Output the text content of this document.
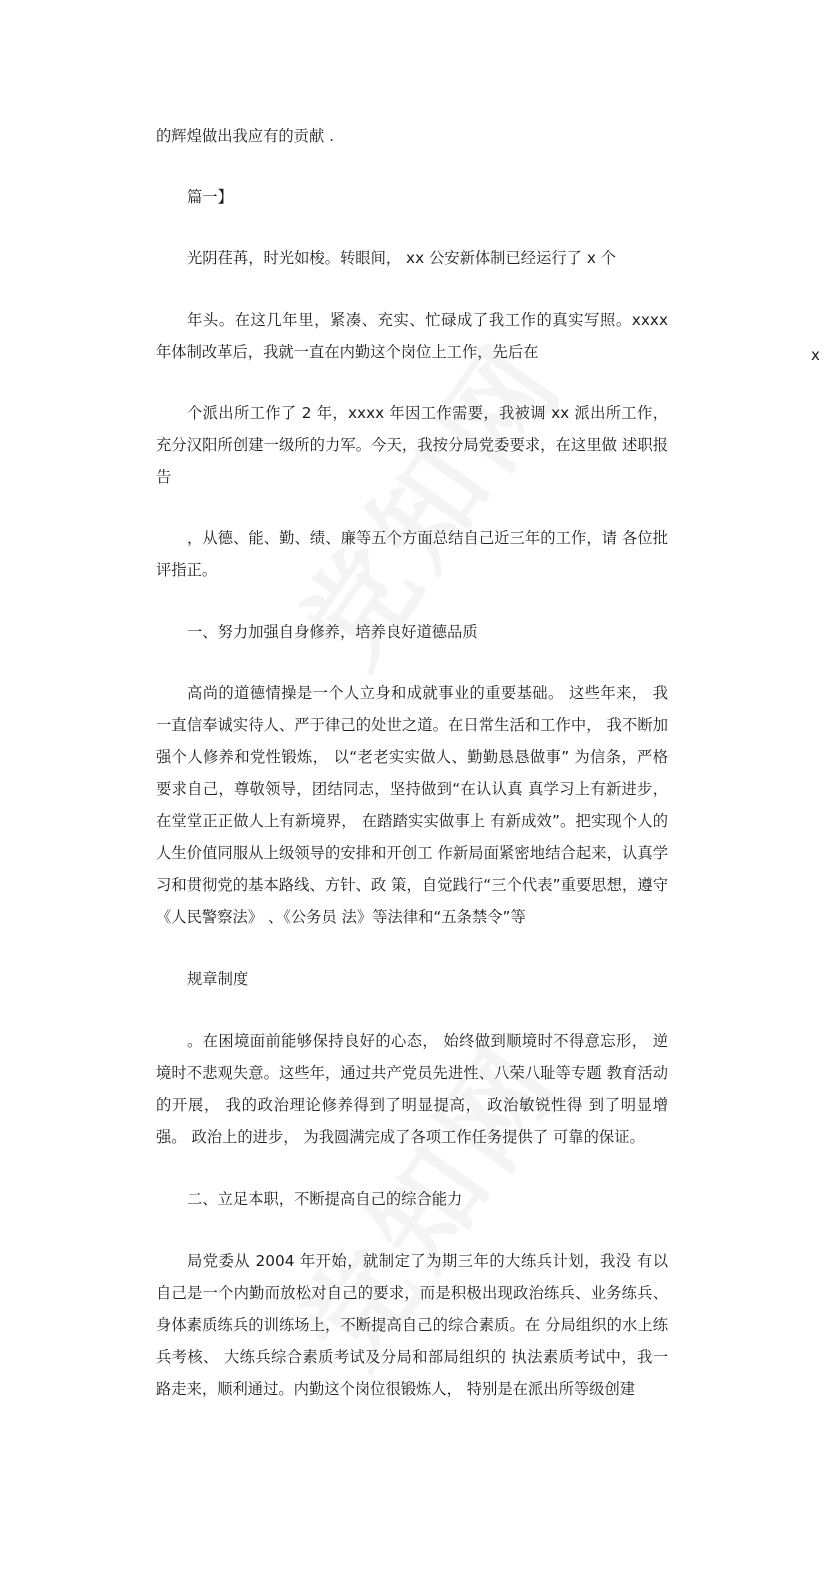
的辉煌做出我应有的贡献 .

篇一】

光阴荏苒，时光如梭。转眼间， xx 公安新体制已经运行了 x 个

年头。在这几年里，紧凑、充实、忙碌成了我工作的真实写照。xxxx 年体制改革后，我就一直在内勤这个岗位上工作，先后在	x

个派出所工作了 2 年，xxxx 年因工作需要，我被调 xx 派出所工作，充分汉阳所创建一级所的力军。今天，我按分局党委要求，在这里做 述职报告

，从德、能、勤、绩、廉等五个方面总结自己近三年的工作，请 各位批评指正。

一、努力加强自身修养，培养良好道德品质

高尚的道德情操是一个人立身和成就事业的重要基础。 这些年来， 我一直信奉诚实待人、严于律己的处世之道。在日常生活和工作中， 我不断加强个人修养和党性锻炼， 以“老老实实做人、勤勤恳恳做事” 为信条，严格要求自己，尊敬领导，团结同志，坚持做到“在认认真 真学习上有新进步， 在堂堂正正做人上有新境界， 在踏踏实实做事上 有新成效”。把实现个人的人生价值同服从上级领导的安排和开创工 作新局面紧密地结合起来，认真学习和贯彻党的基本路线、方针、政 策，自觉践行“三个代表”重要思想，遵守《人民警察法》 、《公务员 法》等法律和“五条禁令”等

规章制度

。在困境面前能够保持良好的心态， 始终做到顺境时不得意忘形， 逆境时不悲观失意。这些年，通过共产党员先进性、八荣八耻等专题 教育活动的开展， 我的政治理论修养得到了明显提高， 政治敏锐性得 到了明显增强。 政治上的进步， 为我圆满完成了各项工作任务提供了 可靠的保证。

二、立足本职，不断提高自己的综合能力

局党委从 2004 年开始，就制定了为期三年的大练兵计划，我没 有以自己是一个内勤而放松对自己的要求，而是积极出现政治练兵、业务练兵、身体素质练兵的训练场上，不断提高自己的综合素质。在 分局组织的水上练兵考核、 大练兵综合素质考试及分局和部局组织的 执法素质考试中，我一路走来，顺利通过。内勤这个岗位很锻炼人， 特别是在派出所等级创建
